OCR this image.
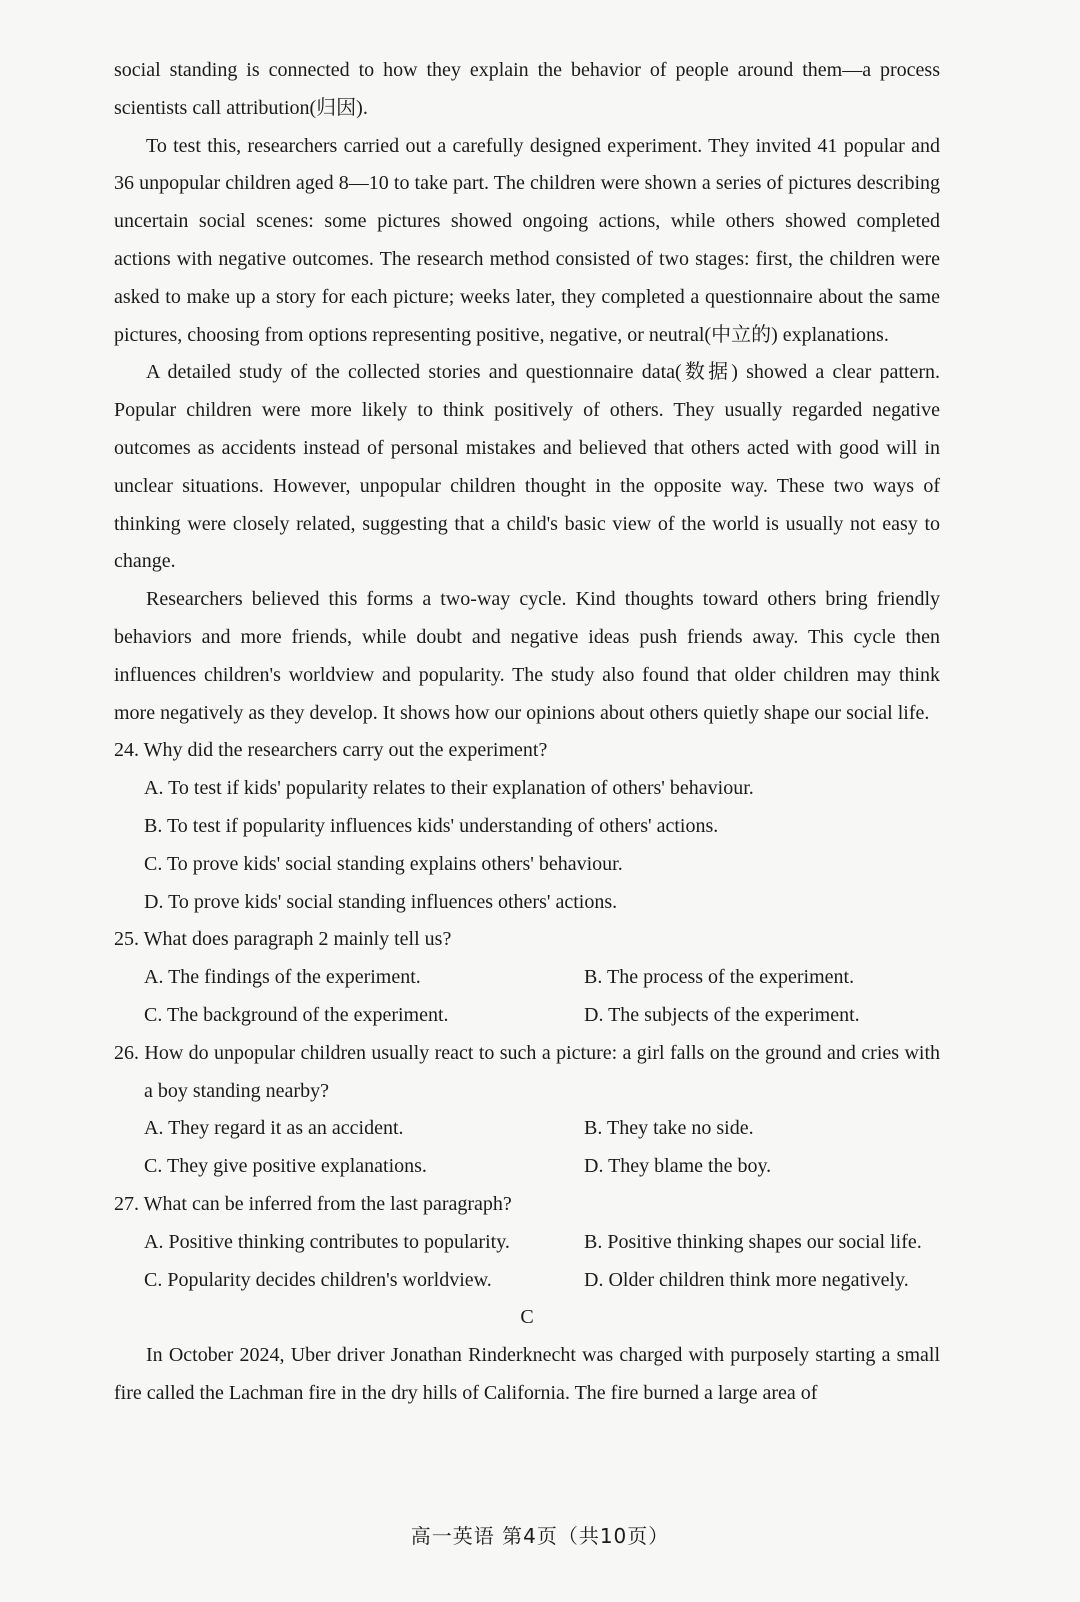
social standing is connected to how they explain the behavior of people around them—a process scientists call attribution(归因).

To test this, researchers carried out a carefully designed experiment. They invited 41 popular and 36 unpopular children aged 8—10 to take part. The children were shown a series of pictures describing uncertain social scenes: some pictures showed ongoing actions, while others showed completed actions with negative outcomes. The research method consisted of two stages: first, the children were asked to make up a story for each picture; weeks later, they completed a questionnaire about the same pictures, choosing from options representing positive, negative, or neutral(中立的) explanations.

A detailed study of the collected stories and questionnaire data(数据) showed a clear pattern. Popular children were more likely to think positively of others. They usually regarded negative outcomes as accidents instead of personal mistakes and believed that others acted with good will in unclear situations. However, unpopular children thought in the opposite way. These two ways of thinking were closely related, suggesting that a child's basic view of the world is usually not easy to change.

Researchers believed this forms a two-way cycle. Kind thoughts toward others bring friendly behaviors and more friends, while doubt and negative ideas push friends away. This cycle then influences children's worldview and popularity. The study also found that older children may think more negatively as they develop. It shows how our opinions about others quietly shape our social life.

24. Why did the researchers carry out the experiment?
A. To test if kids' popularity relates to their explanation of others' behaviour.
B. To test if popularity influences kids' understanding of others' actions.
C. To prove kids' social standing explains others' behaviour.
D. To prove kids' social standing influences others' actions.
25. What does paragraph 2 mainly tell us?
A. The findings of the experiment.	B. The process of the experiment.
C. The background of the experiment.	D. The subjects of the experiment.

26. How do unpopular children usually react to such a picture: a girl falls on the ground and cries with a boy standing nearby?

A. They regard it as an accident.	B. They take no side.
C. They give positive explanations.	D. They blame the boy.
27. What can be inferred from the last paragraph?
A. Positive thinking contributes to popularity.	B. Positive thinking shapes our social life.
C. Popularity decides children's worldview.	D. Older children think more negatively.
C

In October 2024, Uber driver Jonathan Rinderknecht was charged with purposely starting a small fire called the Lachman fire in the dry hills of California. The fire burned a large area of

高一英语 第4页（共10页）
